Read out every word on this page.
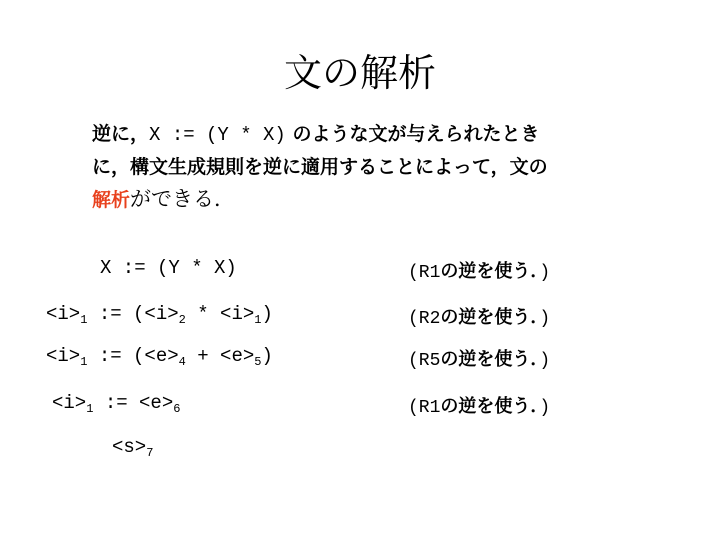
文の解析
逆に，X := (Y * X) のような文が与えられたとき
に，構文生成規則を逆に適用することによって，文の
解析ができる．
X := (Y * X)
$<i>_1$ := $(<i>_2 * <i>_1)$
$<i>_1$ := $(<e>_4 + <e>_5)$
$<i>_1$ := $<e>_6$
$<s>_7$
(R1の逆を使う．)
(R2の逆を使う．)
(R5の逆を使う．)
(R1の逆を使う．)
